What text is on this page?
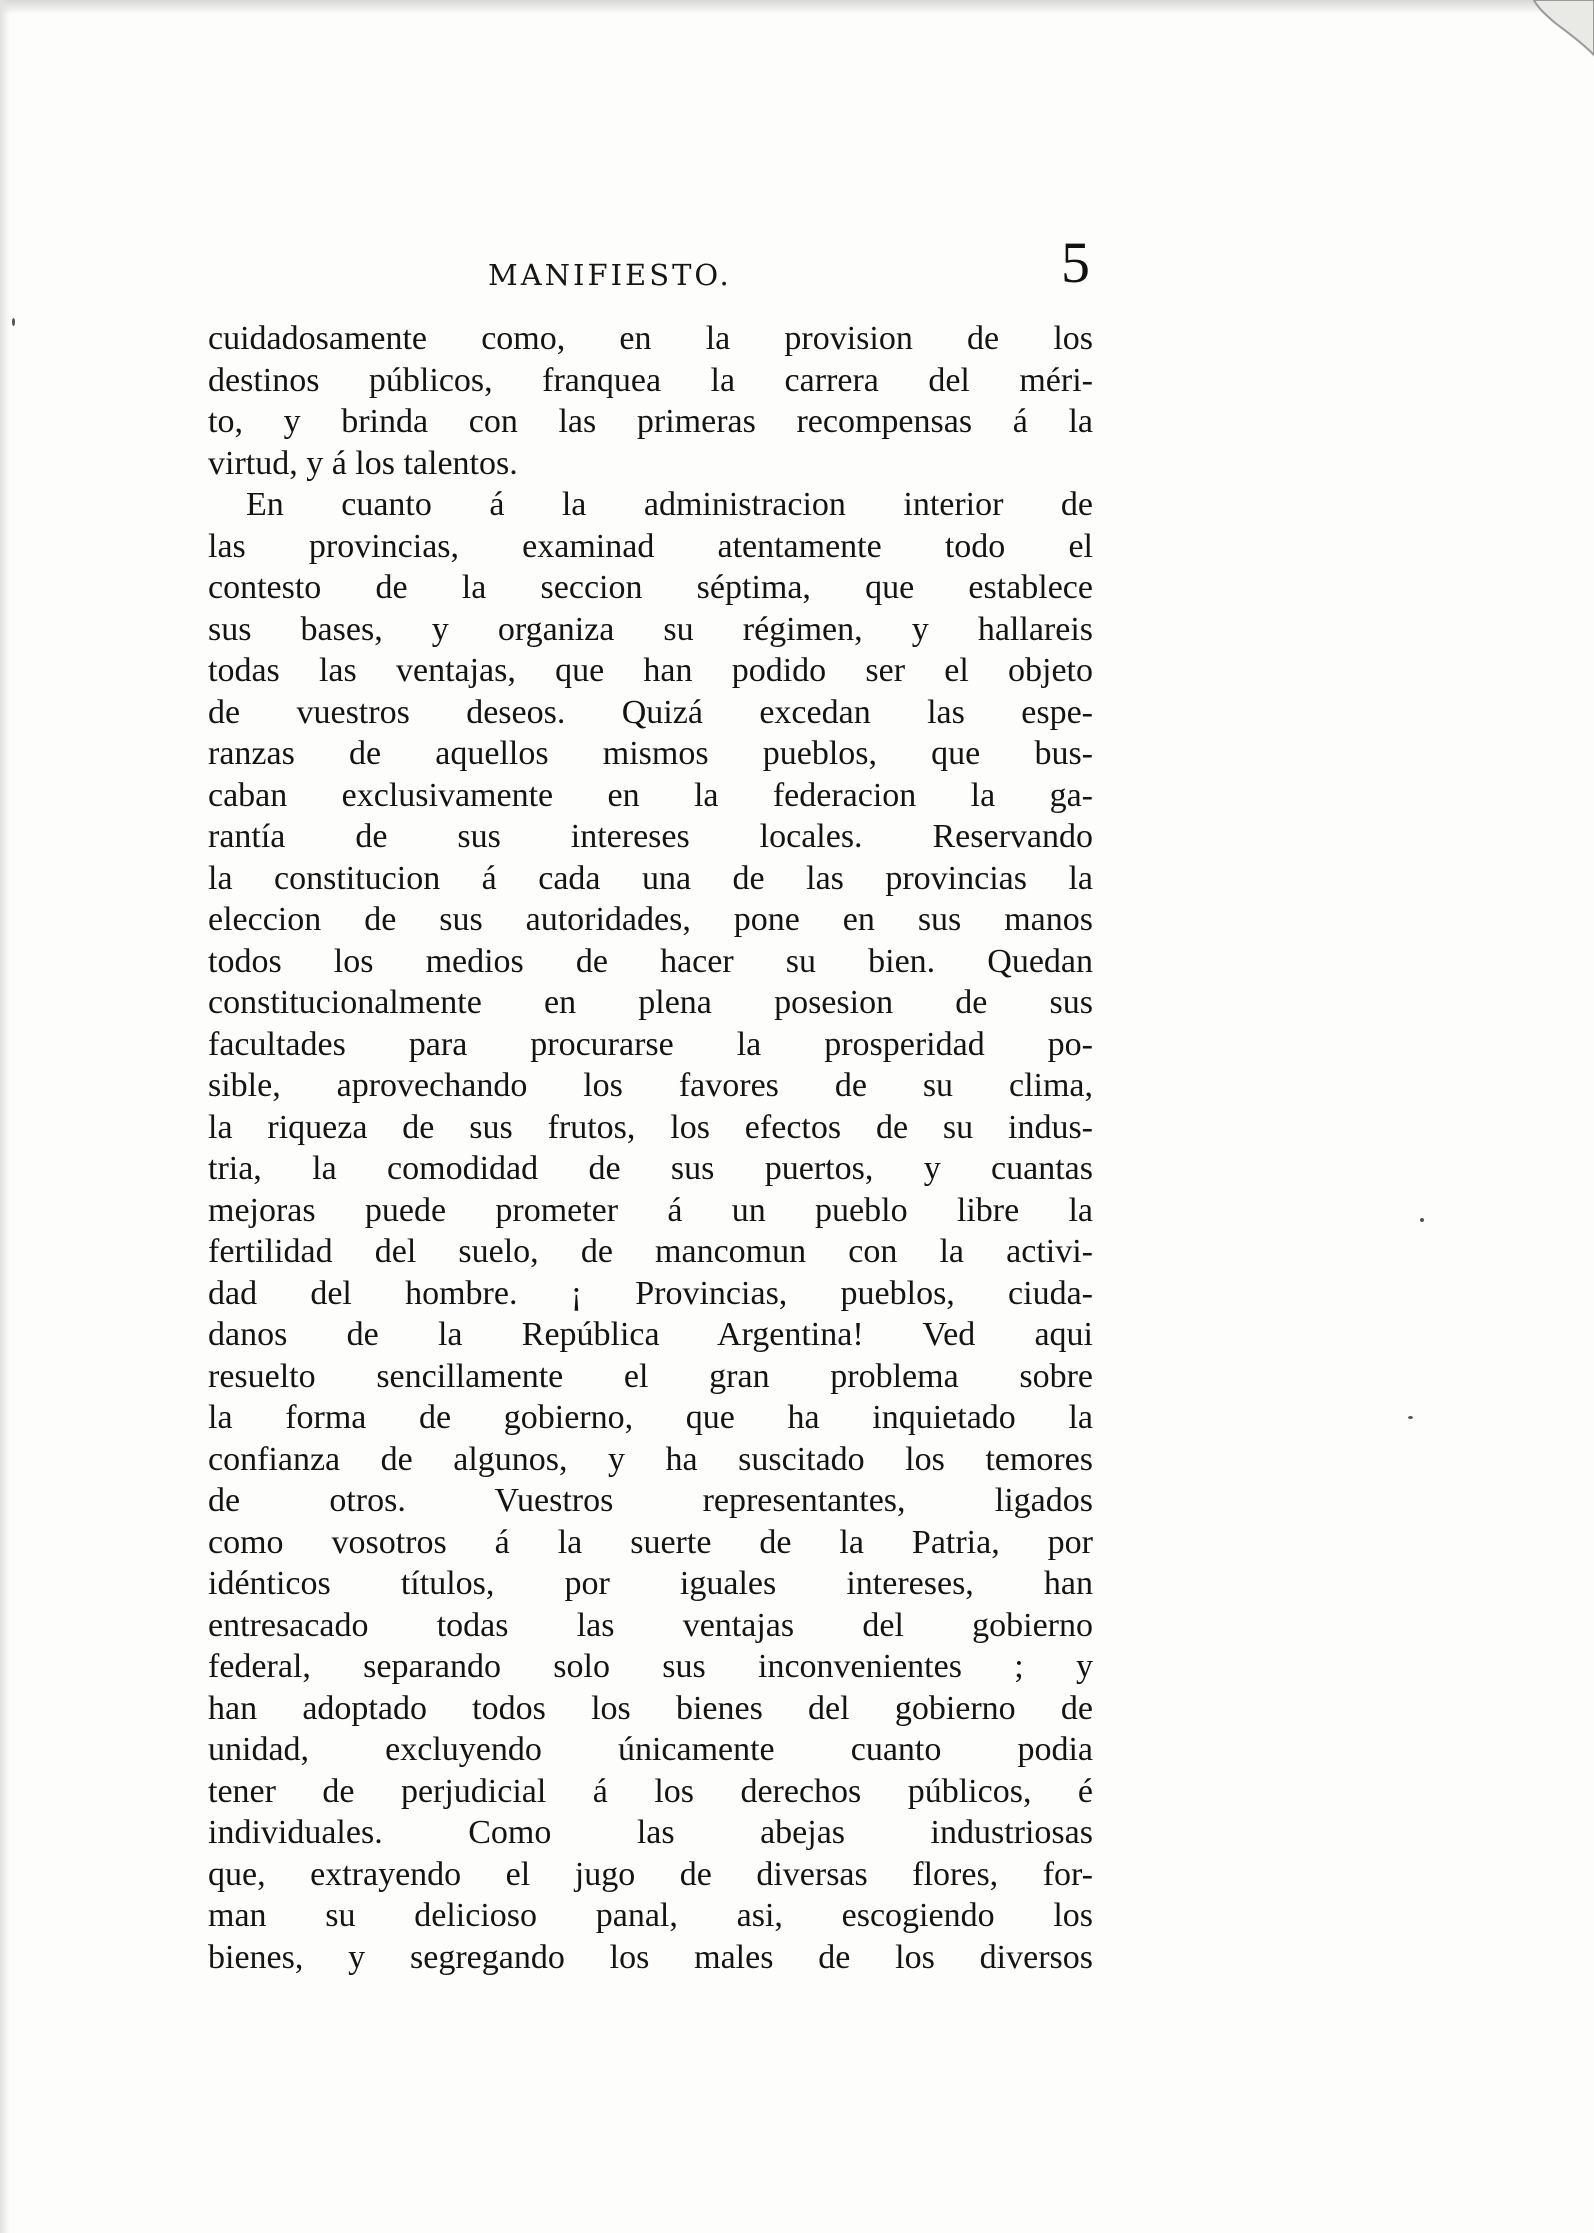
MANIFIESTO.	5
cuidadosamente como, en la provision de los
destinos públicos, franquea la carrera del méri-
to, y brinda con las primeras recompensas á la
virtud, y á los talentos.
En cuanto á la administracion interior de
las provincias, examinad atentamente todo el
contesto de la seccion séptima, que establece
sus bases, y organiza su régimen, y hallareis
todas las ventajas, que han podido ser el objeto
de vuestros deseos. Quizá excedan las espe-
ranzas de aquellos mismos pueblos, que bus-
caban exclusivamente en la federacion la ga-
rantía de sus intereses locales. Reservando
la constitucion á cada una de las provincias la
eleccion de sus autoridades, pone en sus manos
todos los medios de hacer su bien. Quedan
constitucionalmente en plena posesion de sus
facultades para procurarse la prosperidad po-
sible, aprovechando los favores de su clima,
la riqueza de sus frutos, los efectos de su indus-
tria, la comodidad de sus puertos, y cuantas
mejoras puede prometer á un pueblo libre la
fertilidad del suelo, de mancomun con la activi-
dad del hombre. ¡ Provincias, pueblos, ciuda-
danos de la República Argentina! Ved aqui
resuelto sencillamente el gran problema sobre
la forma de gobierno, que ha inquietado la
confianza de algunos, y ha suscitado los temores
de otros. Vuestros representantes, ligados
como vosotros á la suerte de la Patria, por
idénticos títulos, por iguales intereses, han
entresacado todas las ventajas del gobierno
federal, separando solo sus inconvenientes ; y
han adoptado todos los bienes del gobierno de
unidad, excluyendo únicamente cuanto podia
tener de perjudicial á los derechos públicos, é
individuales. Como las abejas industriosas
que, extrayendo el jugo de diversas flores, for-
man su delicioso panal, asi, escogiendo los
bienes, y segregando los males de los diversos
